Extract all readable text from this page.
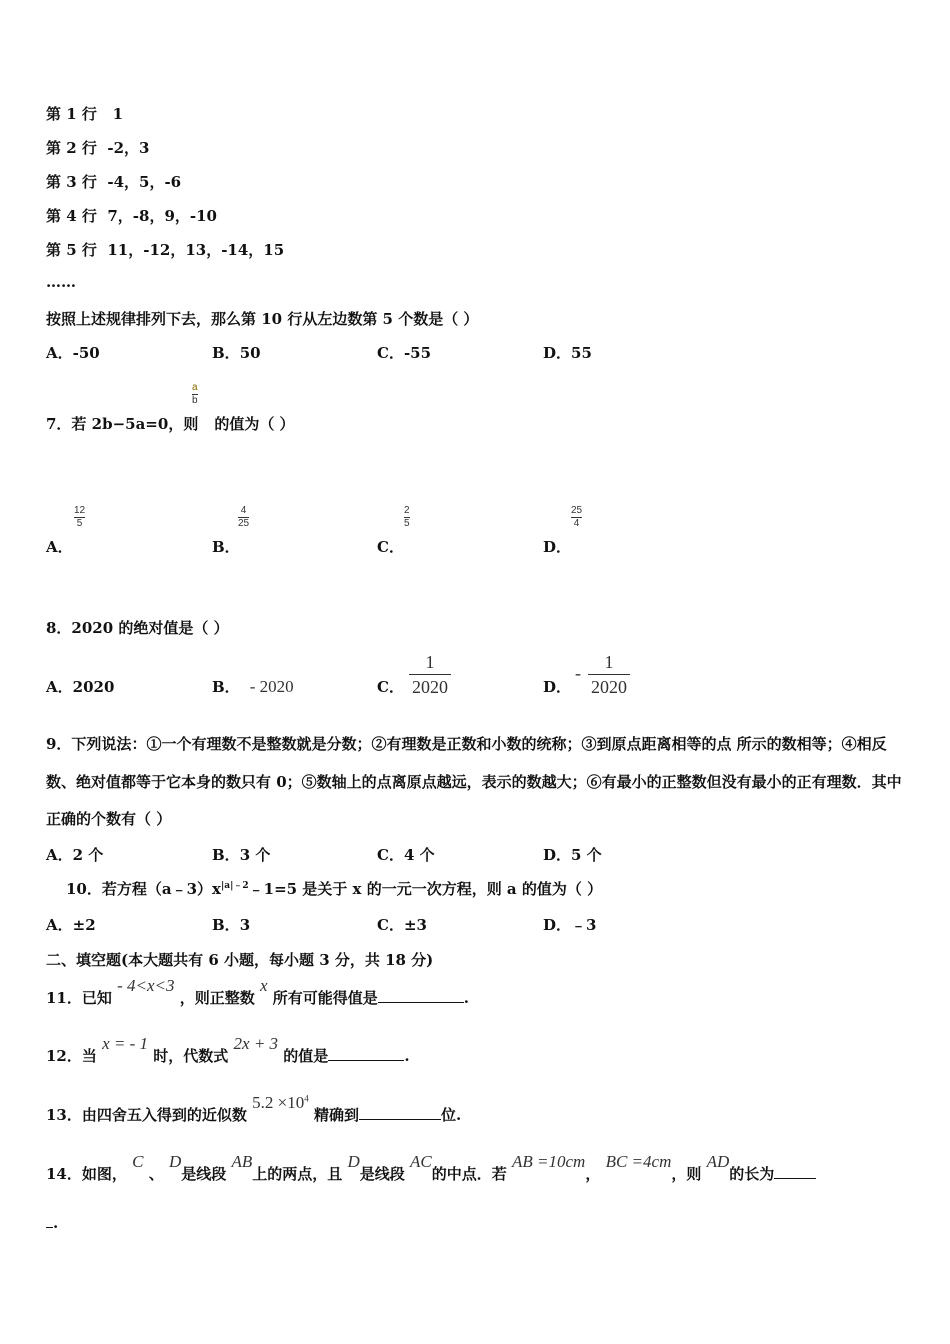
第 1 行 1
第 2 行 -2，3
第 3 行 -4，5，-6
第 4 行 7，-8，9，-10
第 5 行 11，-12，13，-14，15
……
按照上述规律排列下去，那么第 10 行从左边数第 5 个数是（ ）
A．-50	B．50	C．-55	D．55
a
b
7．若 2b−5a=0，则 的值为（ ）
12
5
A．
4
25
B．
2
5
C．
25
4
D．
8．2020 的绝对值是（ ）
A．2020	B． - 2020	C．
1
2020	D．
-
1
2020
9．下列说法：①一个有理数不是整数就是分数；②有理数是正数和小数的统称；③到原点距离相等的点 所示的数相等；④相反数、绝对值都等于它本身的数只有 0；⑤数轴上的点离原点越远，表示的数越大；⑥有最小的正整数但没有最小的正有理数．其中正确的个数有（ ）
A．2 个	B．3 个	C．4 个	D．5 个
10．若方程$(a﹣3)x^{|a|﹣2}﹣1=5$ 是关于 x 的一元一次方程，则 a 的值为（ ）
A．±2	B．3	C．±3	D．﹣3
二、填空题(本大题共有 6 小题，每小题 3 分，共 18 分)
11．已知 - 4<x<3 ，则正整数 x 所有可能得值是	.
12．当 x = - 1 时，代数式 2x + 3 的值是	.
13．由四舍五入得到的近似数 $5.2 \times 10^4$ 精确到	位.
14．如图， C 、 D是线段 AB上的两点，且 D是线段 AC的中点．若 AB =10cm， BC =4cm，则 AD的长为
.
